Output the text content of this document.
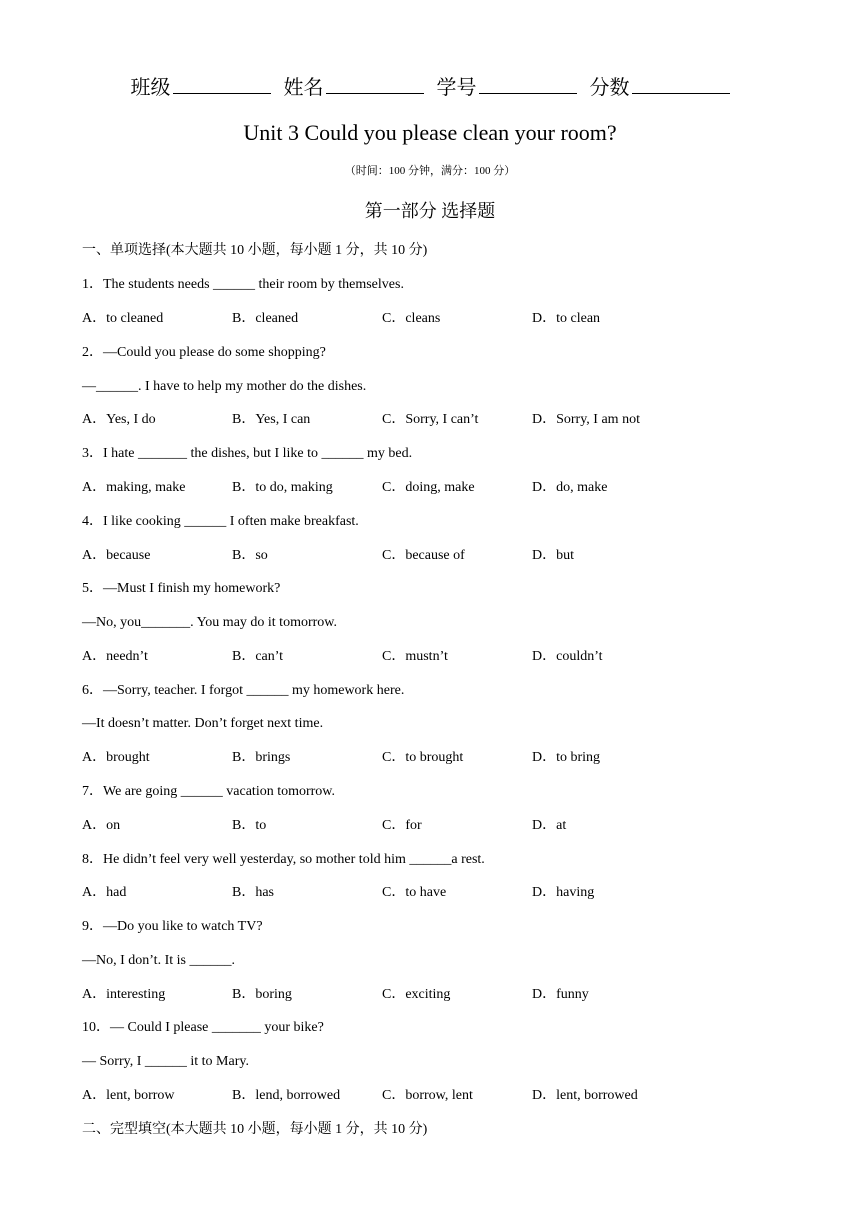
班级	姓名	学号	分数
Unit 3 Could you please clean your room?
（时间：100 分钟，满分：100 分）
第一部分 选择题
一、单项选择(本大题共 10 小题，每小题 1 分，共 10 分)
1．The students needs ______ their room by themselves.
A．to cleaned	B．cleaned	C．cleans	D．to clean
2．—Could you please do some shopping?
—______. I have to help my mother do the dishes.
A．Yes, I do	B．Yes, I can	C．Sorry, I can’t	D．Sorry, I am not
3．I hate _______ the dishes, but I like to ______ my bed.
A．making, make	B．to do, making	C．doing, make	D．do, make
4．I like cooking ______ I often make breakfast.
A．because	B．so	C．because of	D．but
5．—Must I finish my homework?
—No, you_______. You may do it tomorrow.
A．needn’t	B．can’t	C．mustn’t	D．couldn’t
6．—Sorry, teacher. I forgot ______ my homework here.
—It doesn’t matter. Don’t forget next time.
A．brought	B．brings	C．to brought	D．to bring
7．We are going ______ vacation tomorrow.
A．on	B．to	C．for	D．at
8．He didn’t feel very well yesterday, so mother told him ______a rest.
A．had	B．has	C．to have	D．having
9．—Do you like to watch TV?
—No, I don’t. It is ______.
A．interesting	B．boring	C．exciting	D．funny
10．— Could I please _______ your bike?
— Sorry, I ______ it to Mary.
A．lent, borrow	B．lend, borrowed	C．borrow, lent	D．lent, borrowed
二、完型填空(本大题共 10 小题，每小题 1 分，共 10 分)
